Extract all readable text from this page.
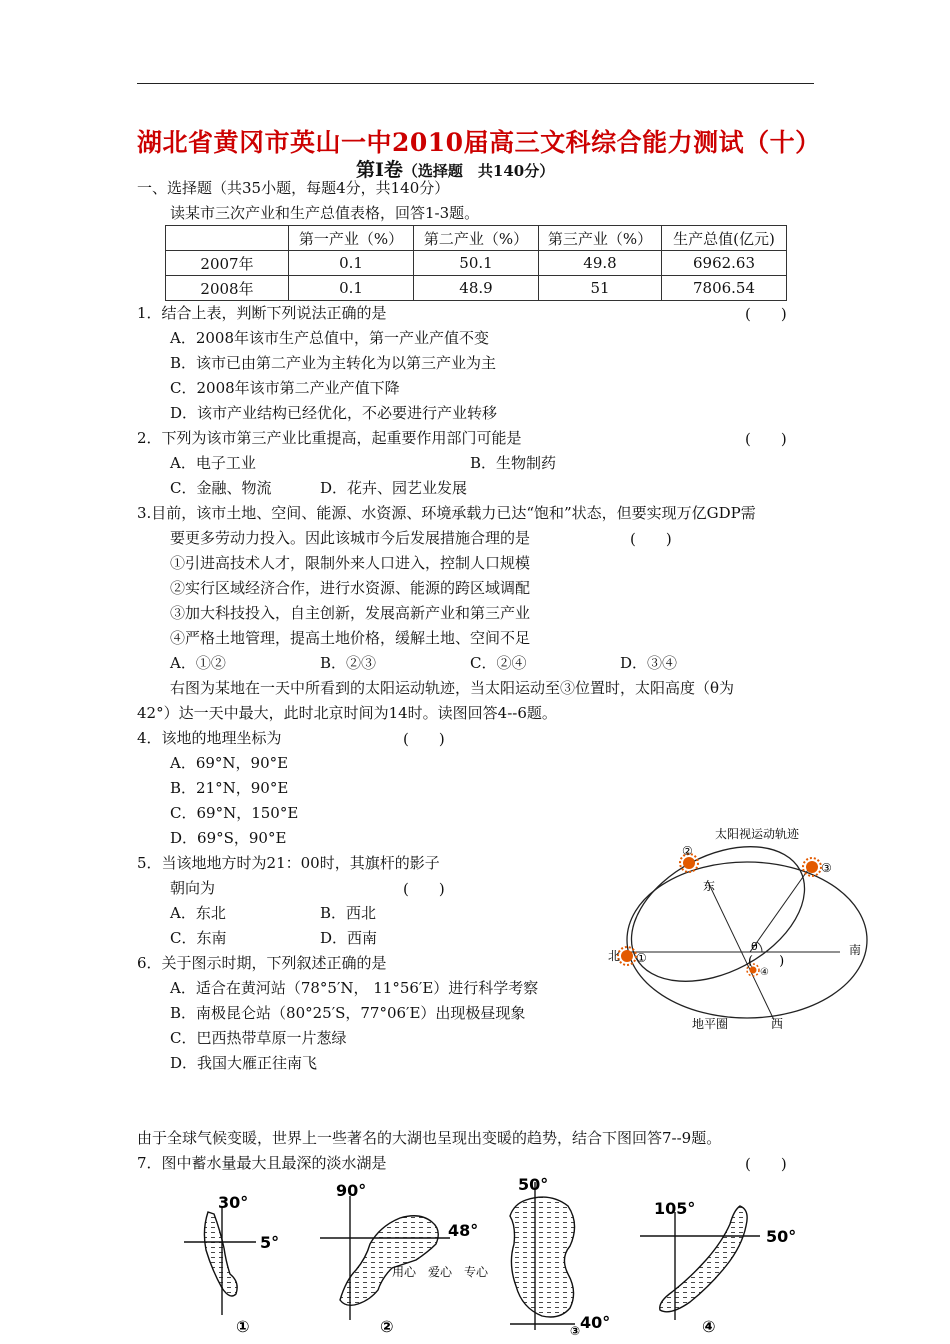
湖北省黄冈市英山一中2010届高三文科综合能力测试（十）
第Ⅰ卷（选择题　共140分）
一、选择题（共35小题，每题4分，共140分）
读某市三次产业和生产总值表格，回答1-3题。
	第一产业（%）	第二产业（%）	第三产业（%）	生产总值(亿元)
2007年	0.1	50.1	49.8	6962.63
2008年	0.1	48.9	51	7806.54
1．结合上表，判断下列说法正确的是	(　　)
A．2008年该市生产总值中，第一产业产值不变
B．该市已由第二产业为主转化为以第三产业为主
C．2008年该市第二产业产值下降
D．该市产业结构已经优化，不必要进行产业转移
2．下列为该市第三产业比重提高，起重要作用部门可能是	(　　)
A．电子工业	B．生物制药
C．金融、物流	D．花卉、园艺业发展
3.目前，该市土地、空间、能源、水资源、环境承载力已达“饱和”状态，但要实现万亿GDP需
要更多劳动力投入。因此该城市今后发展措施合理的是	(　　)
①引进高技术人才，限制外来人口进入，控制人口规模
②实行区域经济合作，进行水资源、能源的跨区域调配
③加大科技投入，自主创新，发展高新产业和第三产业
④严格土地管理，提高土地价格，缓解土地、空间不足
A．①②	B．②③	C．②④	D．③④
右图为某地在一天中所看到的太阳运动轨迹，当太阳运动至③位置时，太阳高度（θ为
42°）达一天中最大，此时北京时间为14时。读图回答4--6题。
4．该地的地理坐标为	(　　)
A．69°N，90°E
B．21°N，90°E
C．69°N，150°E
D．69°S，90°E
5．当该地地方时为21：00时，其旗杆的影子
朝向为	(　　)
A．东北	B．西北
C．东南	D．西南
6．关于图示时期，下列叙述正确的是
A．适合在黄河站（78°5′N， 11°56′E）进行科学考察
B．南极昆仑站（80°25′S，77°06′E）出现极昼现象
C．巴西热带草原一片葱绿
D．我国大雁正往南飞
太阳视运动轨迹
②
③
①
④
东
北	南
西
地平圈
θ
(　　)
由于全球气候变暖，世界上一些著名的大湖也呈现出变暖的趋势，结合下图回答7--9题。
7．图中蓄水量最大且最深的淡水湖是	(　　)
30°
5°
①
90°
48°
②
50°
40°
③
105°
50°
④
用心　爱心　专心
